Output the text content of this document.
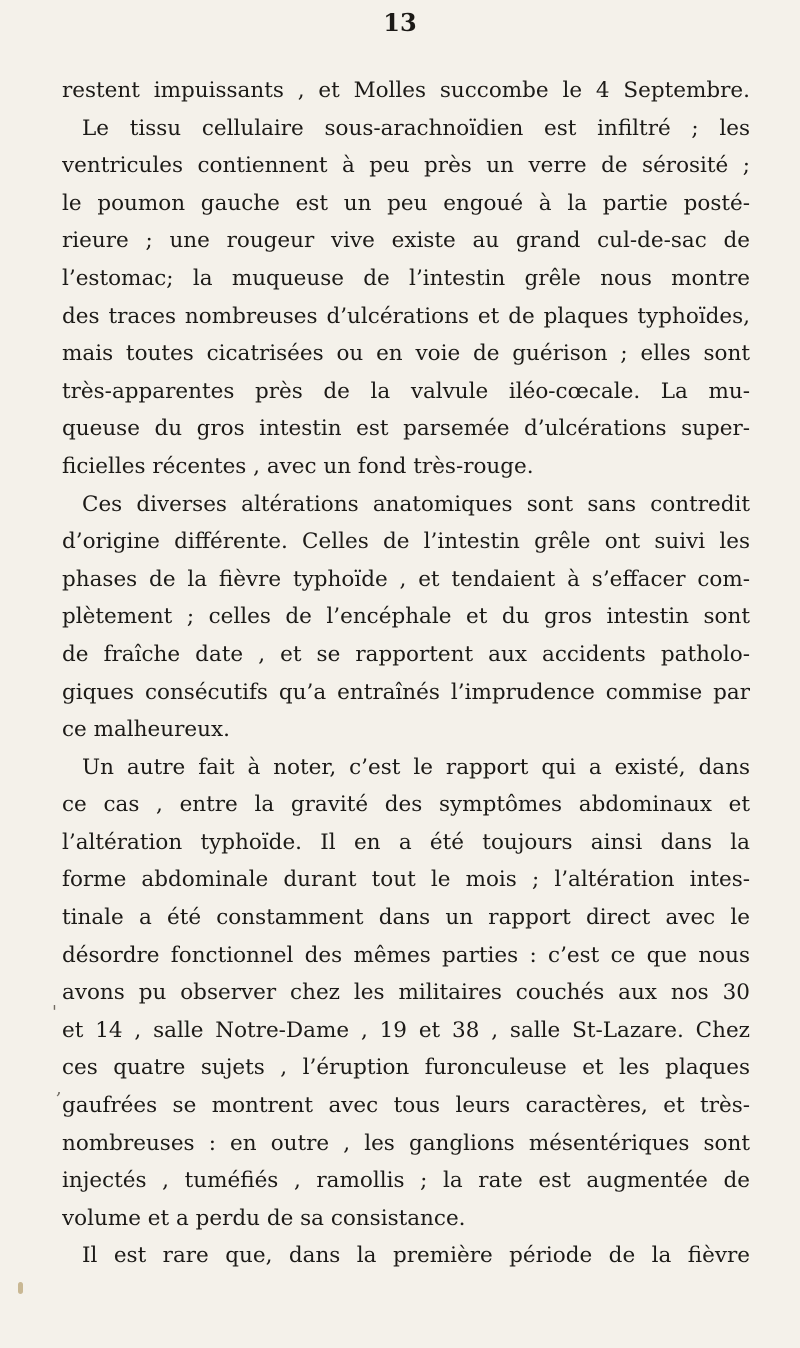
13
restent impuissants , et Molles succombe le 4 Septembre.
Le tissu cellulaire sous-arachnoïdien est infiltré ; les
ventricules contiennent à peu près un verre de sérosité ;
le poumon gauche est un peu engoué à la partie posté-
rieure ; une rougeur vive existe au grand cul-de-sac de
l’estomac; la muqueuse de l’intestin grêle nous montre
des traces nombreuses d’ulcérations et de plaques typhoïdes,
mais toutes cicatrisées ou en voie de guérison ; elles sont
très-apparentes près de la valvule iléo-cœcale. La mu-
queuse du gros intestin est parsemée d’ulcérations super-
ficielles récentes , avec un fond très-rouge.
Ces diverses altérations anatomiques sont sans contredit
d’origine différente. Celles de l’intestin grêle ont suivi les
phases de la fièvre typhoïde , et tendaient à s’effacer com-
plètement ; celles de l’encéphale et du gros intestin sont
de fraîche date , et se rapportent aux accidents patholo-
giques consécutifs qu’a entraînés l’imprudence commise par
ce malheureux.
Un autre fait à noter, c’est le rapport qui a existé, dans
ce cas , entre la gravité des symptômes abdominaux et
l’altération typhoïde. Il en a été toujours ainsi dans la
forme abdominale durant tout le mois ; l’altération intes-
tinale a été constamment dans un rapport direct avec le
désordre fonctionnel des mêmes parties : c’est ce que nous
avons pu observer chez les militaires couchés aux nos 30
et 14 , salle Notre-Dame , 19 et 38 , salle St-Lazare. Chez
ces quatre sujets , l’éruption furonculeuse et les plaques
gaufrées se montrent avec tous leurs caractères, et très-
nombreuses : en outre , les ganglions mésentériques sont
injectés , tuméfiés , ramollis ; la rate est augmentée de
volume et a perdu de sa consistance.
Il est rare que, dans la première période de la fièvre
'
,
